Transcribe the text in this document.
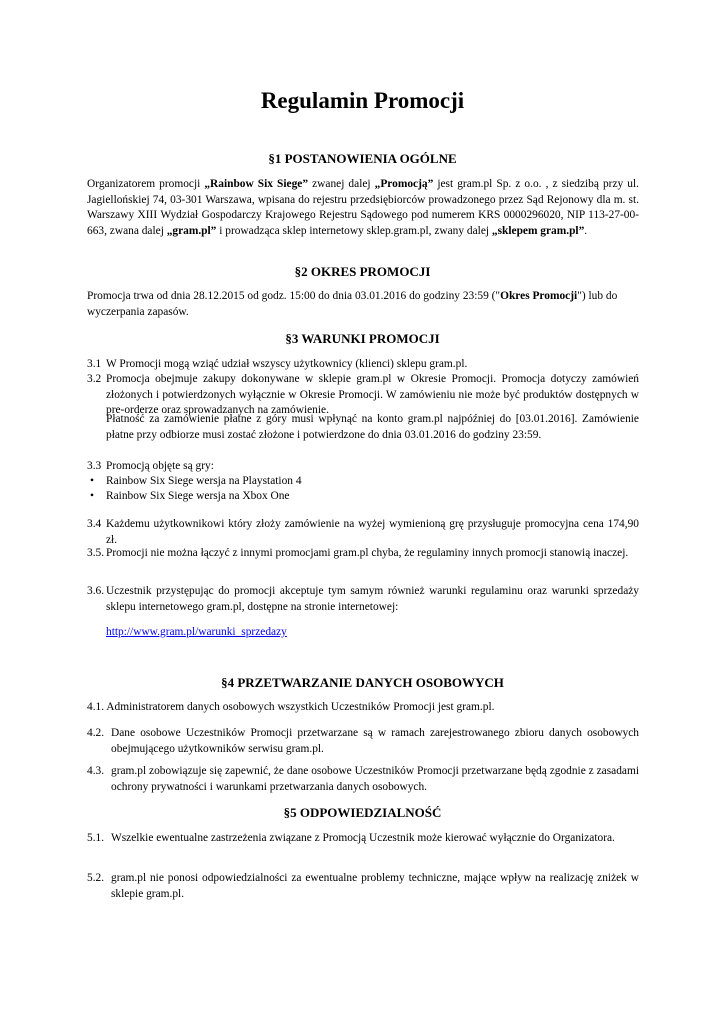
Regulamin Promocji
§1 POSTANOWIENIA OGÓLNE

Organizatorem promocji „Rainbow Six Siege” zwanej dalej „Promocją” jest gram.pl Sp. z o.o. , z siedzibą przy ul. Jagiellońskiej 74, 03-301 Warszawa, wpisana do rejestru przedsiębiorców prowadzonego przez Sąd Rejonowy dla m. st. Warszawy XIII Wydział Gospodarczy Krajowego Rejestru Sądowego pod numerem KRS 0000296020, NIP 113-27-00-663, zwana dalej „gram.pl” i prowadząca sklep internetowy sklep.gram.pl, zwany dalej „sklepem gram.pl”.

§2 OKRES PROMOCJI

Promocja trwa od dnia 28.12.2015 od godz. 15:00 do dnia 03.01.2016 do godziny 23:59 ("Okres Promocji") lub do wyczerpania zapasów.

§3 WARUNKI PROMOCJI
3.1 W Promocji mogą wziąć udział wszyscy użytkownicy (klienci) sklepu gram.pl.

3.2 Promocja obejmuje zakupy dokonywane w sklepie gram.pl w Okresie Promocji. Promocja dotyczy zamówień złożonych i potwierdzonych wyłącznie w Okresie Promocji. W zamówieniu nie może być produktów dostępnych w pre-orderze oraz sprowadzanych na zamówienie.

Płatność za zamówienie płatne z góry musi wpłynąć na konto gram.pl najpóźniej do [03.01.2016]. Zamówienie płatne przy odbiorze musi zostać złożone i potwierdzone do dnia 03.01.2016 do godziny 23:59.

3.3 Promocją objęte są gry:

• Rainbow Six Siege wersja na Playstation 4

• Rainbow Six Siege wersja na Xbox One

3.4 Każdemu użytkownikowi który złoży zamówienie na wyżej wymienioną grę przysługuje promocyjna cena 174,90 zł.

3.5. Promocji nie można łączyć z innymi promocjami gram.pl chyba, że regulaminy innych promocji stanowią inaczej.

3.6. Uczestnik przystępując do promocji akceptuje tym samym również warunki regulaminu oraz warunki sprzedaży sklepu internetowego gram.pl, dostępne na stronie internetowej:

http://www.gram.pl/warunki_sprzedazy

§4 PRZETWARZANIE DANYCH OSOBOWYCH

4.1. Administratorem danych osobowych wszystkich Uczestników Promocji jest gram.pl.

4.2. Dane osobowe Uczestników Promocji przetwarzane są w ramach zarejestrowanego zbioru danych osobowych obejmującego użytkowników serwisu gram.pl.

4.3. gram.pl zobowiązuje się zapewnić, że dane osobowe Uczestników Promocji przetwarzane będą zgodnie z zasadami ochrony prywatności i warunkami przetwarzania danych osobowych.

§5 ODPOWIEDZIALNOŚĆ
5.1. Wszelkie ewentualne zastrzeżenia związane z Promocją Uczestnik może kierować wyłącznie do Organizatora.

5.2. gram.pl nie ponosi odpowiedzialności za ewentualne problemy techniczne, mające wpływ na realizację zniżek w sklepie gram.pl.
